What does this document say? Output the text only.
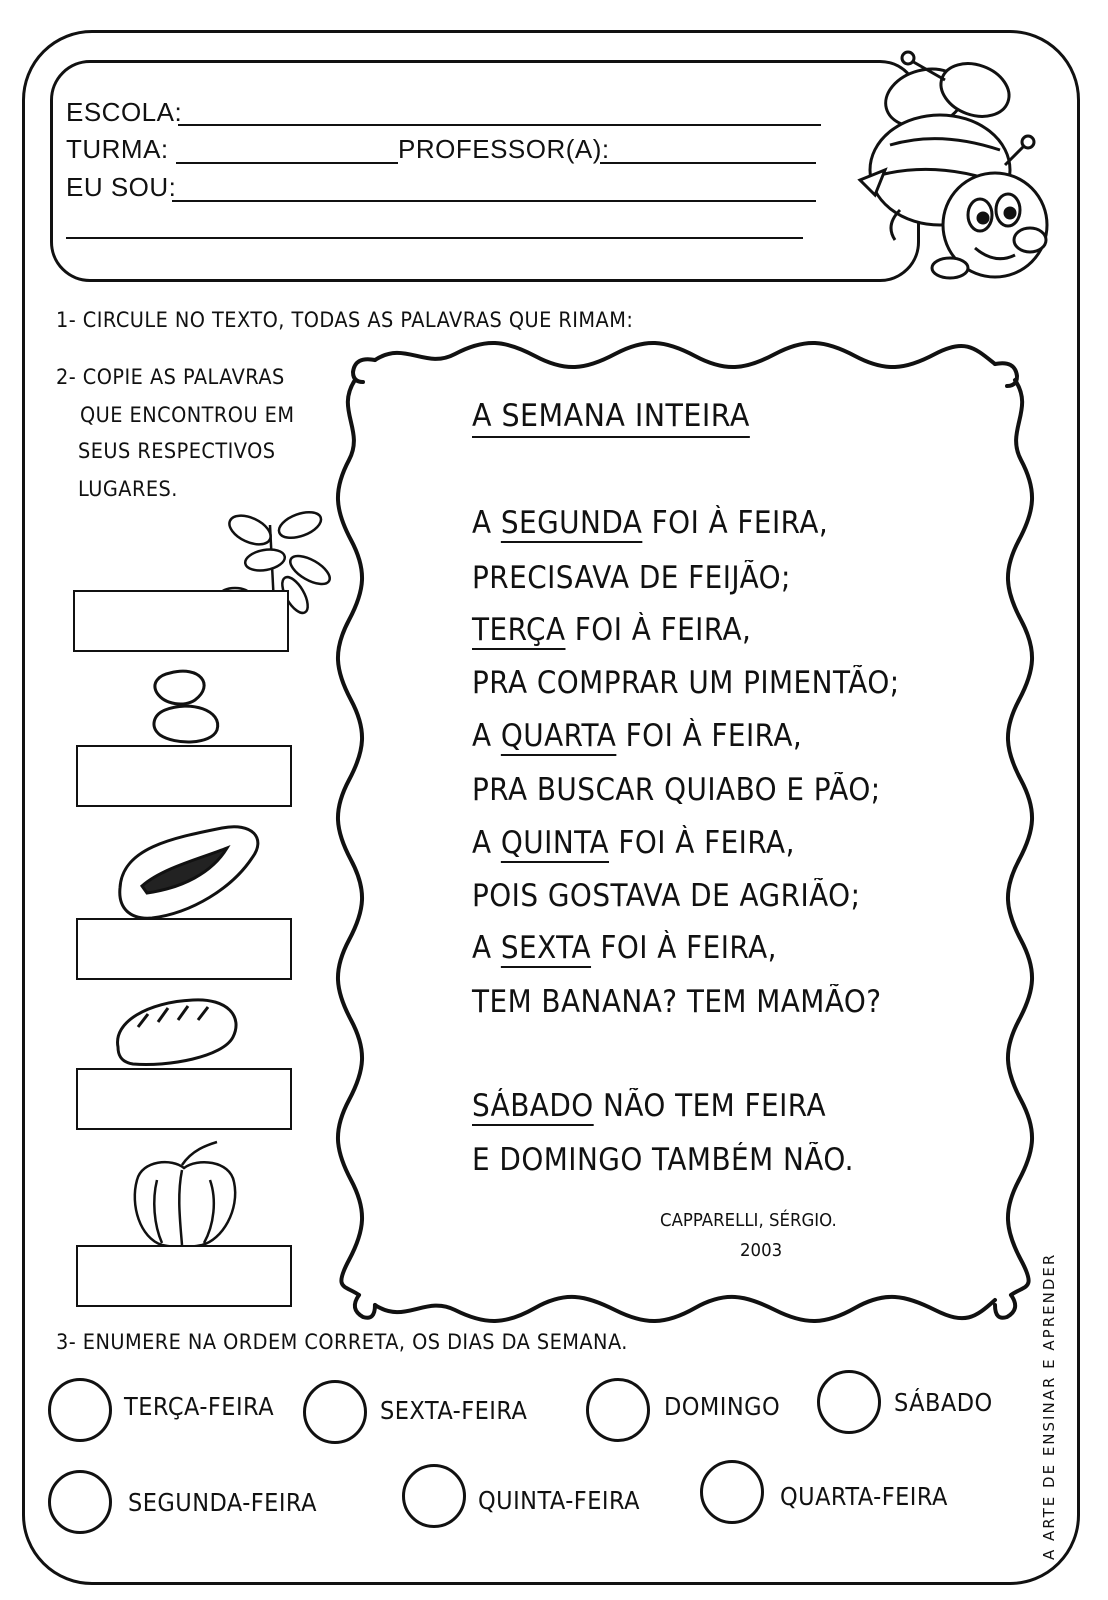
ESCOLA:
TURMA:	PROFESSOR(A):
EU SOU:
1- CIRCULE NO TEXTO, TODAS AS PALAVRAS QUE RIMAM:
2- COPIE AS PALAVRAS
QUE ENCONTROU EM
SEUS RESPECTIVOS
LUGARES.
A SEMANA INTEIRA
A SEGUNDA FOI À FEIRA,
PRECISAVA DE FEIJÃO;
TERÇA FOI À FEIRA,
PRA COMPRAR UM PIMENTÃO;
A QUARTA FOI À FEIRA,
PRA BUSCAR QUIABO E PÃO;
A QUINTA FOI À FEIRA,
POIS GOSTAVA DE AGRIÃO;
A SEXTA FOI À FEIRA,
TEM BANANA? TEM MAMÃO?
SÁBADO NÃO TEM FEIRA
E DOMINGO TAMBÉM NÃO.
CAPPARELLI, SÉRGIO.
2003
3- ENUMERE NA ORDEM CORRETA, OS DIAS DA SEMANA.
TERÇA-FEIRA	SEXTA-FEIRA	DOMINGO	SÁBADO
SEGUNDA-FEIRA	QUINTA-FEIRA	QUARTA-FEIRA	A ARTE DE ENSINAR E APRENDER
